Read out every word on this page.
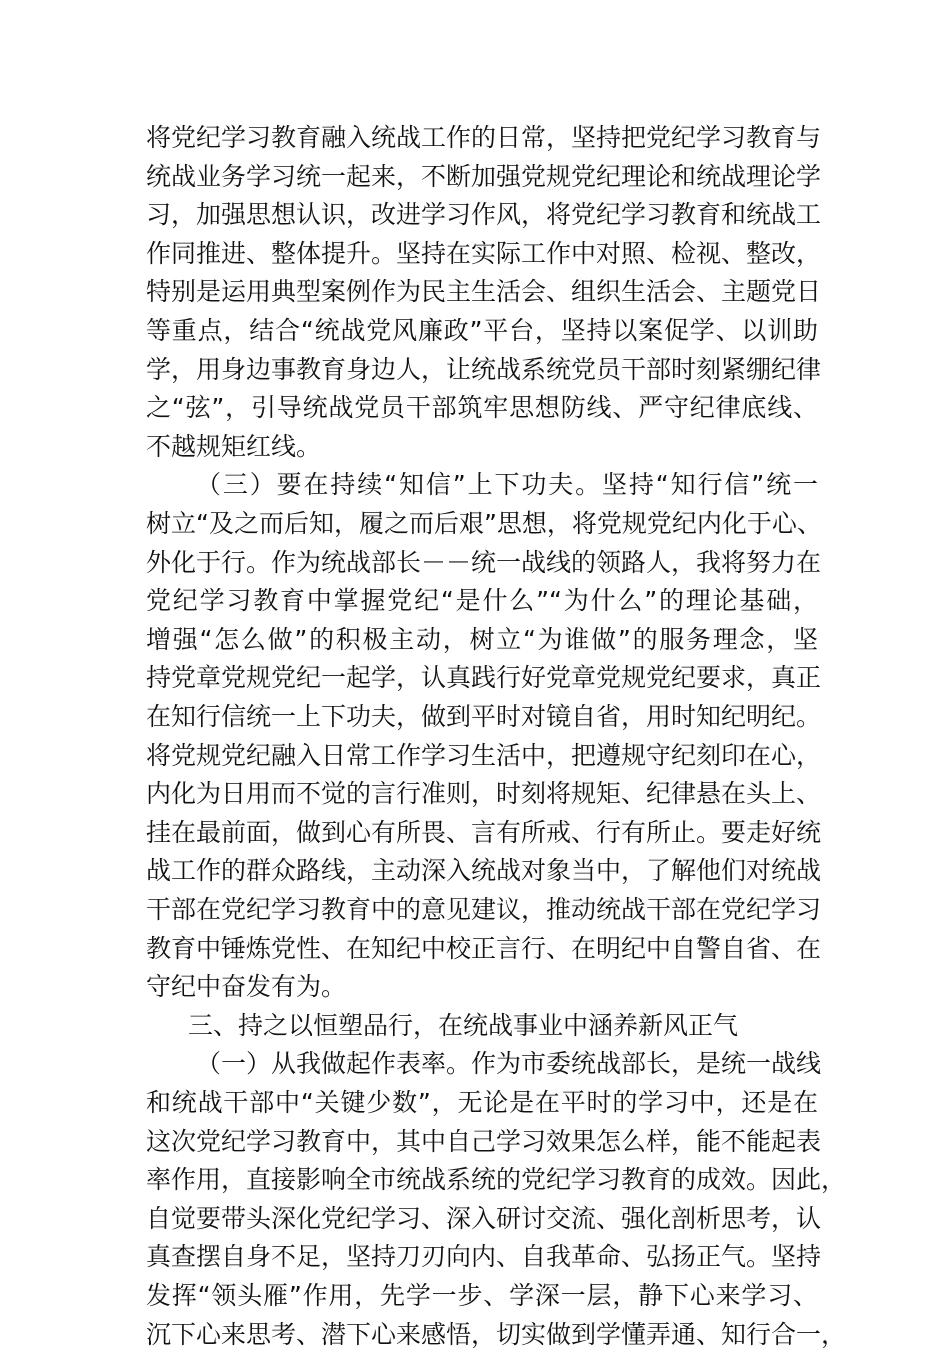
将党纪学习教育融入统战工作的日常，坚持把党纪学习教育与
统战业务学习统一起来，不断加强党规党纪理论和统战理论学
习，加强思想认识，改进学习作风，将党纪学习教育和统战工
作同推进、整体提升。坚持在实际工作中对照、检视、整改，
特别是运用典型案例作为民主生活会、组织生活会、主题党日
等重点，结合“统战党风廉政”平台，坚持以案促学、以训助
学，用身边事教育身边人，让统战系统党员干部时刻紧绷纪律
之“弦”，引导统战党员干部筑牢思想防线、严守纪律底线、
不越规矩红线。
（三）要在持续“知信”上下功夫。坚持“知行信”统一
树立“及之而后知，履之而后艰”思想，将党规党纪内化于心、
外化于行。作为统战部长－－统一战线的领路人，我将努力在
党纪学习教育中掌握党纪“是什么”“为什么”的理论基础，
增强“怎么做”的积极主动，树立“为谁做”的服务理念，坚
持党章党规党纪一起学，认真践行好党章党规党纪要求，真正
在知行信统一上下功夫，做到平时对镜自省，用时知纪明纪。
将党规党纪融入日常工作学习生活中，把遵规守纪刻印在心，
内化为日用而不觉的言行准则，时刻将规矩、纪律悬在头上、
挂在最前面，做到心有所畏、言有所戒、行有所止。要走好统
战工作的群众路线，主动深入统战对象当中，了解他们对统战
干部在党纪学习教育中的意见建议，推动统战干部在党纪学习
教育中锤炼党性、在知纪中校正言行、在明纪中自警自省、在
守纪中奋发有为。
三、持之以恒塑品行，在统战事业中涵养新风正气
（一）从我做起作表率。作为市委统战部长，是统一战线
和统战干部中“关键少数”，无论是在平时的学习中，还是在
这次党纪学习教育中，其中自己学习效果怎么样，能不能起表
率作用，直接影响全市统战系统的党纪学习教育的成效。因此，
自觉要带头深化党纪学习、深入研讨交流、强化剖析思考，认
真查摆自身不足，坚持刀刃向内、自我革命、弘扬正气。坚持
发挥“领头雁”作用，先学一步、学深一层，静下心来学习、
沉下心来思考、潜下心来感悟，切实做到学懂弄通、知行合一，
